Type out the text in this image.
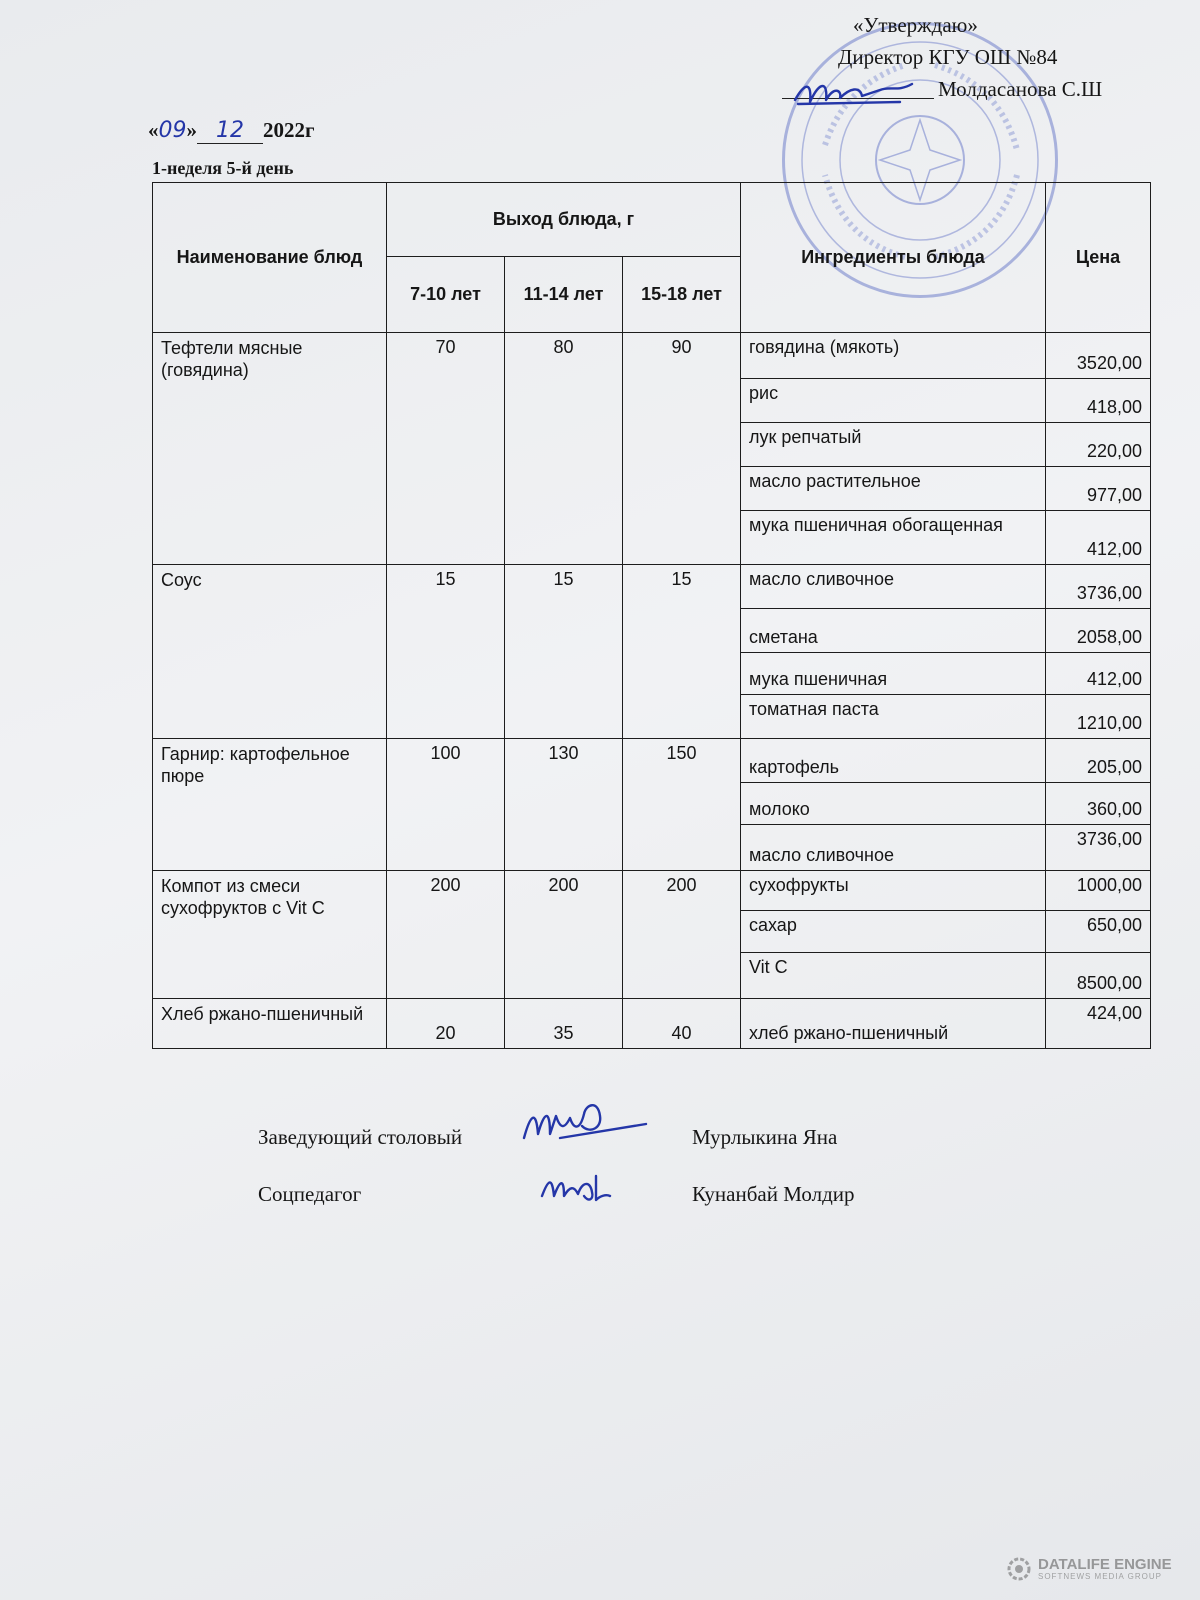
«Утверждаю»
Директор КГУ ОШ №84
Молдасанова С.Ш
« 09 » 12 2022г
1-неделя 5-й день
Наименование блюд	Выход блюда, г			Ингредиенты блюда	Цена
	7-10 лет	11-14 лет	15-18 лет		
Тефтели мясные (говядина)	70	80	90	говядина (мякоть)	3520,00
				рис	418,00
				лук репчатый	220,00
				масло растительное	977,00
				мука пшеничная обогащенная	412,00
Соус	15	15	15	масло сливочное	3736,00
				сметана	2058,00
				мука пшеничная	412,00
				томатная паста	1210,00
Гарнир: картофельное пюре	100	130	150	картофель	205,00
				молоко	360,00
				масло сливочное	3736,00
Компот из смеси сухофруктов с Vit C	200	200	200	сухофрукты	1000,00
				сахар	650,00
				Vit C	8500,00
Хлеб ржано-пшеничный	20	35	40	хлеб ржано-пшеничный	424,00
Заведующий столовый	Мурлыкина Яна
Соцпедагог	Кунанбай Молдир
DATALIFE ENGINE
SOFTNEWS MEDIA GROUP
